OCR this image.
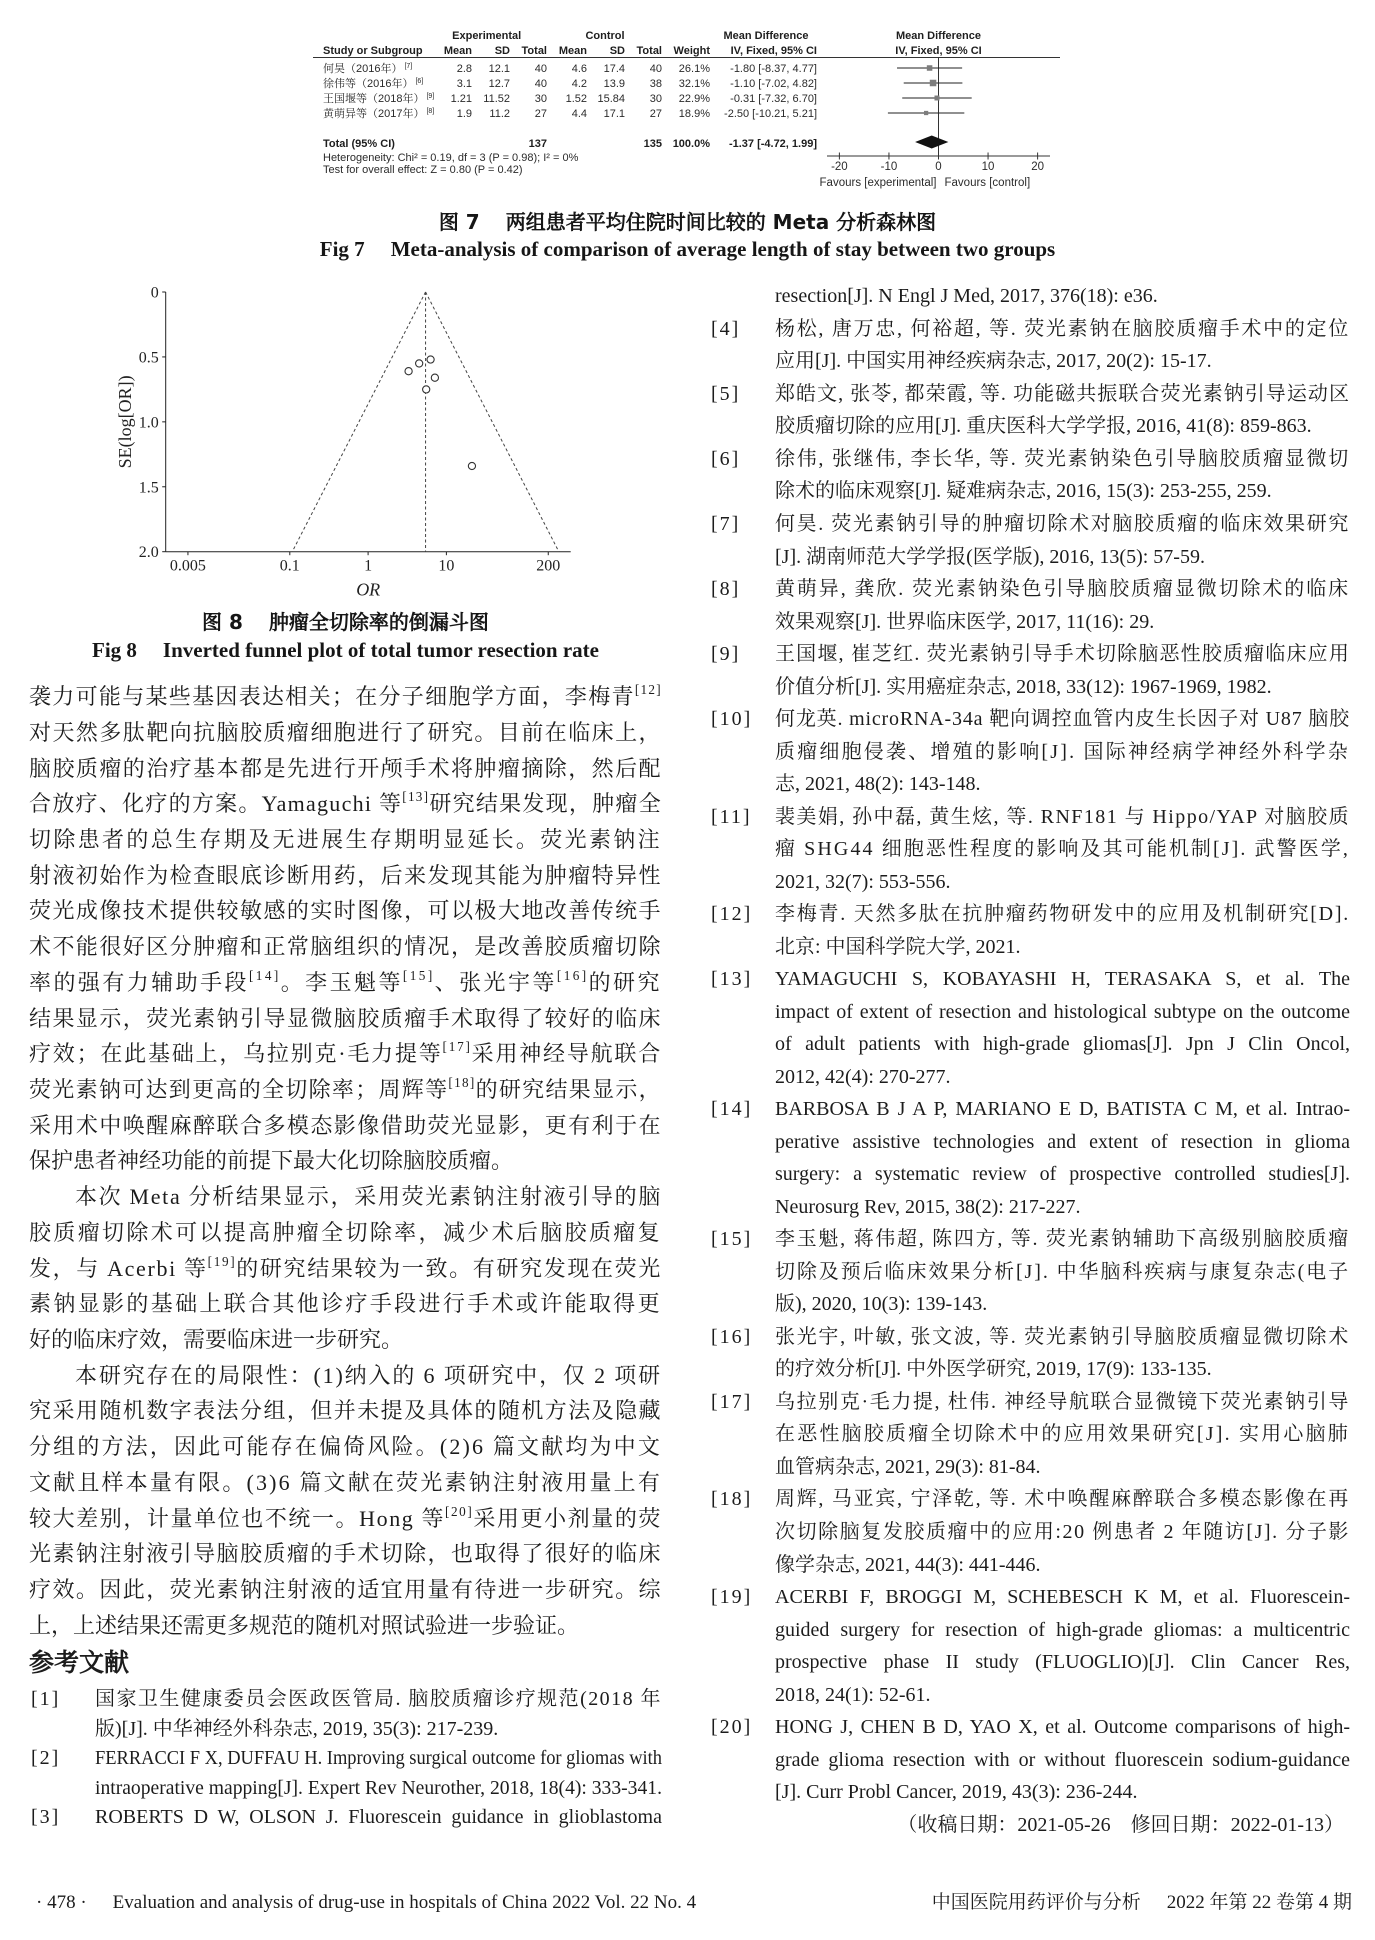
Experimental	Control	Mean Difference	Mean Difference
Study or Subgroup Mean SD Total Mean SD Total Weight IV, Fixed, 95% CI	IV, Fixed, 95% CI
何昊（2016年） [7]	2.8 12.1 40 4.6 17.4 40 26.1% -1.80 [-8.37, 4.77]
徐伟等（2016年） [6]	3.1 12.7 40 4.2 13.9 38 32.1% -1.10 [-7.02, 4.82]
王国堰等（2018年） [9] 1.21 11.52 30 1.52 15.84 30 22.9% -0.31 [-7.32, 6.70]
黄萌异等（2017年） [8] 1.9 11.2 27 4.4 17.1 27 18.9% -2.50 [-10.21, 5.21]
Total (95% CI)	137	135 100.0% -1.37 [-4.72, 1.99]
Heterogeneity: Chi² = 0.19, df = 3 (P = 0.98); I² = 0%
Test for overall effect: Z = 0.80 (P = 0.42)	-20	-10	0	10	20
Favours [experimental] Favours [control]
图 7 两组患者平均住院时间比较的 Meta 分析森林图
Fig 7 Meta-analysis of comparison of average length of stay between two groups
0
0.5
1.0
1.5
2.0
0.005	0.1	1	10	200
OR
SE(log[OR])
图 8 肿瘤全切除率的倒漏斗图
Fig 8 Inverted funnel plot of total tumor resection rate
袭力可能与某些基因表达相关；在分子细胞学方面，李梅青[12]
对天然多肽靶向抗脑胶质瘤细胞进行了研究。目前在临床上，
脑胶质瘤的治疗基本都是先进行开颅手术将肿瘤摘除，然后配
合放疗、化疗的方案。Yamaguchi 等[13]研究结果发现，肿瘤全
切除患者的总生存期及无进展生存期明显延长。荧光素钠注
射液初始作为检查眼底诊断用药，后来发现其能为肿瘤特异性
荧光成像技术提供较敏感的实时图像，可以极大地改善传统手
术不能很好区分肿瘤和正常脑组织的情况，是改善胶质瘤切除
率的强有力辅助手段[14]。李玉魁等[15]、张光宇等[16]的研究
结果显示，荧光素钠引导显微脑胶质瘤手术取得了较好的临床
疗效；在此基础上，乌拉别克·毛力提等[17]采用神经导航联合
荧光素钠可达到更高的全切除率；周辉等[18]的研究结果显示，
采用术中唤醒麻醉联合多模态影像借助荧光显影，更有利于在
保护患者神经功能的前提下最大化切除脑胶质瘤。
本次 Meta 分析结果显示，采用荧光素钠注射液引导的脑
胶质瘤切除术可以提高肿瘤全切除率，减少术后脑胶质瘤复
发，与 Acerbi 等[19]的研究结果较为一致。有研究发现在荧光
素钠显影的基础上联合其他诊疗手段进行手术或许能取得更
好的临床疗效，需要临床进一步研究。
本研究存在的局限性：(1)纳入的 6 项研究中，仅 2 项研
究采用随机数字表法分组，但并未提及具体的随机方法及隐藏
分组的方法，因此可能存在偏倚风险。(2)6 篇文献均为中文
文献且样本量有限。(3)6 篇文献在荧光素钠注射液用量上有
较大差别，计量单位也不统一。Hong 等[20]采用更小剂量的荧
光素钠注射液引导脑胶质瘤的手术切除，也取得了很好的临床
疗效。因此，荧光素钠注射液的适宜用量有待进一步研究。综
上，上述结果还需更多规范的随机对照试验进一步验证。
参考文献
[1] 国家卫生健康委员会医政医管局. 脑胶质瘤诊疗规范(2018 年
版)[J]. 中华神经外科杂志, 2019, 35(3): 217-239.
[2] FERRACCI F X, DUFFAU H. Improving surgical outcome for gliomas with
intraoperative mapping[J]. Expert Rev Neurother, 2018, 18(4): 333-341.
[3] ROBERTS D W, OLSON J. Fluorescein guidance in glioblastoma
resection[J]. N Engl J Med, 2017, 376(18): e36.
[4] 杨松, 唐万忠, 何裕超, 等. 荧光素钠在脑胶质瘤手术中的定位
应用[J]. 中国实用神经疾病杂志, 2017, 20(2): 15-17.
[5] 郑皓文, 张苓, 都荣霞, 等. 功能磁共振联合荧光素钠引导运动区
胶质瘤切除的应用[J]. 重庆医科大学学报, 2016, 41(8): 859-863.
[6] 徐伟, 张继伟, 李长华, 等. 荧光素钠染色引导脑胶质瘤显微切
除术的临床观察[J]. 疑难病杂志, 2016, 15(3): 253-255, 259.
[7] 何昊. 荧光素钠引导的肿瘤切除术对脑胶质瘤的临床效果研究
[J]. 湖南师范大学学报(医学版), 2016, 13(5): 57-59.
[8] 黄萌异, 龚欣. 荧光素钠染色引导脑胶质瘤显微切除术的临床
效果观察[J]. 世界临床医学, 2017, 11(16): 29.
[9] 王国堰, 崔芝红. 荧光素钠引导手术切除脑恶性胶质瘤临床应用
价值分析[J]. 实用癌症杂志, 2018, 33(12): 1967-1969, 1982.
[10] 何龙英. microRNA-34a 靶向调控血管内皮生长因子对 U87 脑胶
质瘤细胞侵袭、增殖的影响[J]. 国际神经病学神经外科学杂
志, 2021, 48(2): 143-148.
[11] 裴美娟, 孙中磊, 黄生炫, 等. RNF181 与 Hippo/YAP 对脑胶质
瘤 SHG44 细胞恶性程度的影响及其可能机制[J]. 武警医学,
2021, 32(7): 553-556.
[12] 李梅青. 天然多肽在抗肿瘤药物研发中的应用及机制研究[D].
北京: 中国科学院大学, 2021.
[13] YAMAGUCHI S, KOBAYASHI H, TERASAKA S, et al. The
impact of extent of resection and histological subtype on the outcome
of adult patients with high-grade gliomas[J]. Jpn J Clin Oncol,
2012, 42(4): 270-277.
[14] BARBOSA B J A P, MARIANO E D, BATISTA C M, et al. Intrao-
perative assistive technologies and extent of resection in glioma
surgery: a systematic review of prospective controlled studies[J].
Neurosurg Rev, 2015, 38(2): 217-227.
[15] 李玉魁, 蒋伟超, 陈四方, 等. 荧光素钠辅助下高级别脑胶质瘤
切除及预后临床效果分析[J]. 中华脑科疾病与康复杂志(电子
版), 2020, 10(3): 139-143.
[16] 张光宇, 叶敏, 张文波, 等. 荧光素钠引导脑胶质瘤显微切除术
的疗效分析[J]. 中外医学研究, 2019, 17(9): 133-135.
[17] 乌拉别克·毛力提, 杜伟. 神经导航联合显微镜下荧光素钠引导
在恶性脑胶质瘤全切除术中的应用效果研究[J]. 实用心脑肺
血管病杂志, 2021, 29(3): 81-84.
[18] 周辉, 马亚宾, 宁泽乾, 等. 术中唤醒麻醉联合多模态影像在再
次切除脑复发胶质瘤中的应用:20 例患者 2 年随访[J]. 分子影
像学杂志, 2021, 44(3): 441-446.
[19] ACERBI F, BROGGI M, SCHEBESCH K M, et al. Fluorescein-
guided surgery for resection of high-grade gliomas: a multicentric
prospective phase II study (FLUOGLIO)[J]. Clin Cancer Res,
2018, 24(1): 52-61.
[20] HONG J, CHEN B D, YAO X, et al. Outcome comparisons of high-
grade glioma resection with or without fluorescein sodium-guidance
[J]. Curr Probl Cancer, 2019, 43(3): 236-244.
（收稿日期：2021-05-26　修回日期：2022-01-13）
· 478 · Evaluation and analysis of drug-use in hospitals of China 2022 Vol. 22 No. 4	中国医院用药评价与分析 2022 年第 22 卷第 4 期
